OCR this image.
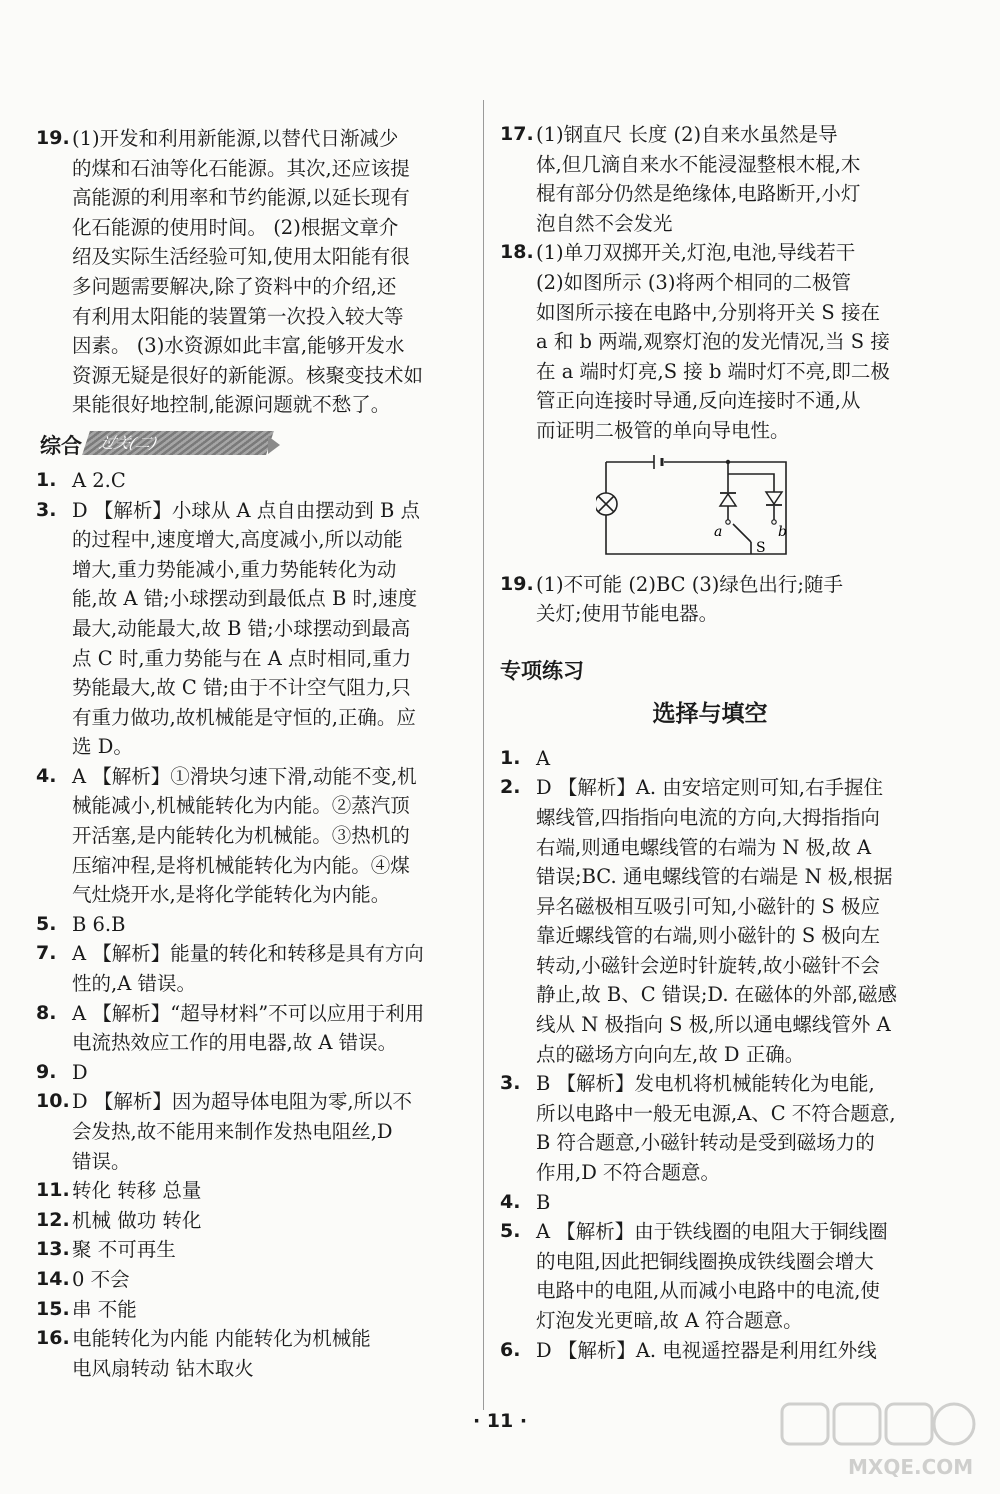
19. (1)开发和利用新能源,以替代日渐减少
的煤和石油等化石能源。其次,还应该提
高能源的利用率和节约能源,以延长现有
化石能源的使用时间。 (2)根据文章介
绍及实际生活经验可知,使用太阳能有很
多问题需要解决,除了资料中的介绍,还
有利用太阳能的装置第一次投入较大等
因素。 (3)水资源如此丰富,能够开发水
资源无疑是很好的新能源。核聚变技术如
果能很好地控制,能源问题就不愁了。
综合	过关(二)
1. A 2.C
3. D 【解析】小球从 A 点自由摆动到 B 点
的过程中,速度增大,高度减小,所以动能
增大,重力势能减小,重力势能转化为动
能,故 A 错;小球摆动到最低点 B 时,速度
最大,动能最大,故 B 错;小球摆动到最高
点 C 时,重力势能与在 A 点时相同,重力
势能最大,故 C 错;由于不计空气阻力,只
有重力做功,故机械能是守恒的,正确。应
选 D。
4. A 【解析】①滑块匀速下滑,动能不变,机
械能减小,机械能转化为内能。②蒸汽顶
开活塞,是内能转化为机械能。③热机的
压缩冲程,是将机械能转化为内能。④煤
气灶烧开水,是将化学能转化为内能。
5. B 6.B
7. A 【解析】能量的转化和转移是具有方向
性的,A 错误。
8. A 【解析】“超导材料”不可以应用于利用
电流热效应工作的用电器,故 A 错误。
9. D
10. D 【解析】因为超导体电阻为零,所以不
会发热,故不能用来制作发热电阻丝,D
错误。
11. 转化 转移 总量
12. 机械 做功 转化
13. 聚 不可再生
14. 0 不会
15. 串 不能
16. 电能转化为内能 内能转化为机械能
电风扇转动 钻木取火
17. (1)钢直尺 长度 (2)自来水虽然是导
体,但几滴自来水不能浸湿整根木棍,木
棍有部分仍然是绝缘体,电路断开,小灯
泡自然不会发光
18. (1)单刀双掷开关,灯泡,电池,导线若干
(2)如图所示 (3)将两个相同的二极管
如图所示接在电路中,分别将开关 S 接在
a 和 b 两端,观察灯泡的发光情况,当 S 接
在 a 端时灯亮,S 接 b 端时灯不亮,即二极
管正向连接时导通,反向连接时不通,从
而证明二极管的单向导电性。
a	b
S
19. (1)不可能 (2)BC (3)绿色出行;随手
关灯;使用节能电器。
专项练习
选择与填空
1. A
2. D 【解析】A. 由安培定则可知,右手握住
螺线管,四指指向电流的方向,大拇指指向
右端,则通电螺线管的右端为 N 极,故 A
错误;BC. 通电螺线管的右端是 N 极,根据
异名磁极相互吸引可知,小磁针的 S 极应
靠近螺线管的右端,则小磁针的 S 极向左
转动,小磁针会逆时针旋转,故小磁针不会
静止,故 B、C 错误;D. 在磁体的外部,磁感
线从 N 极指向 S 极,所以通电螺线管外 A
点的磁场方向向左,故 D 正确。
3. B 【解析】发电机将机械能转化为电能,
所以电路中一般无电源,A、C 不符合题意,
B 符合题意,小磁针转动是受到磁场力的
作用,D 不符合题意。
4. B
5. A 【解析】由于铁线圈的电阻大于铜线圈
的电阻,因此把铜线圈换成铁线圈会增大
电路中的电阻,从而减小电路中的电流,使
灯泡发光更暗,故 A 符合题意。
6. D 【解析】A. 电视遥控器是利用红外线
· 11 ·
MXQE.COM
